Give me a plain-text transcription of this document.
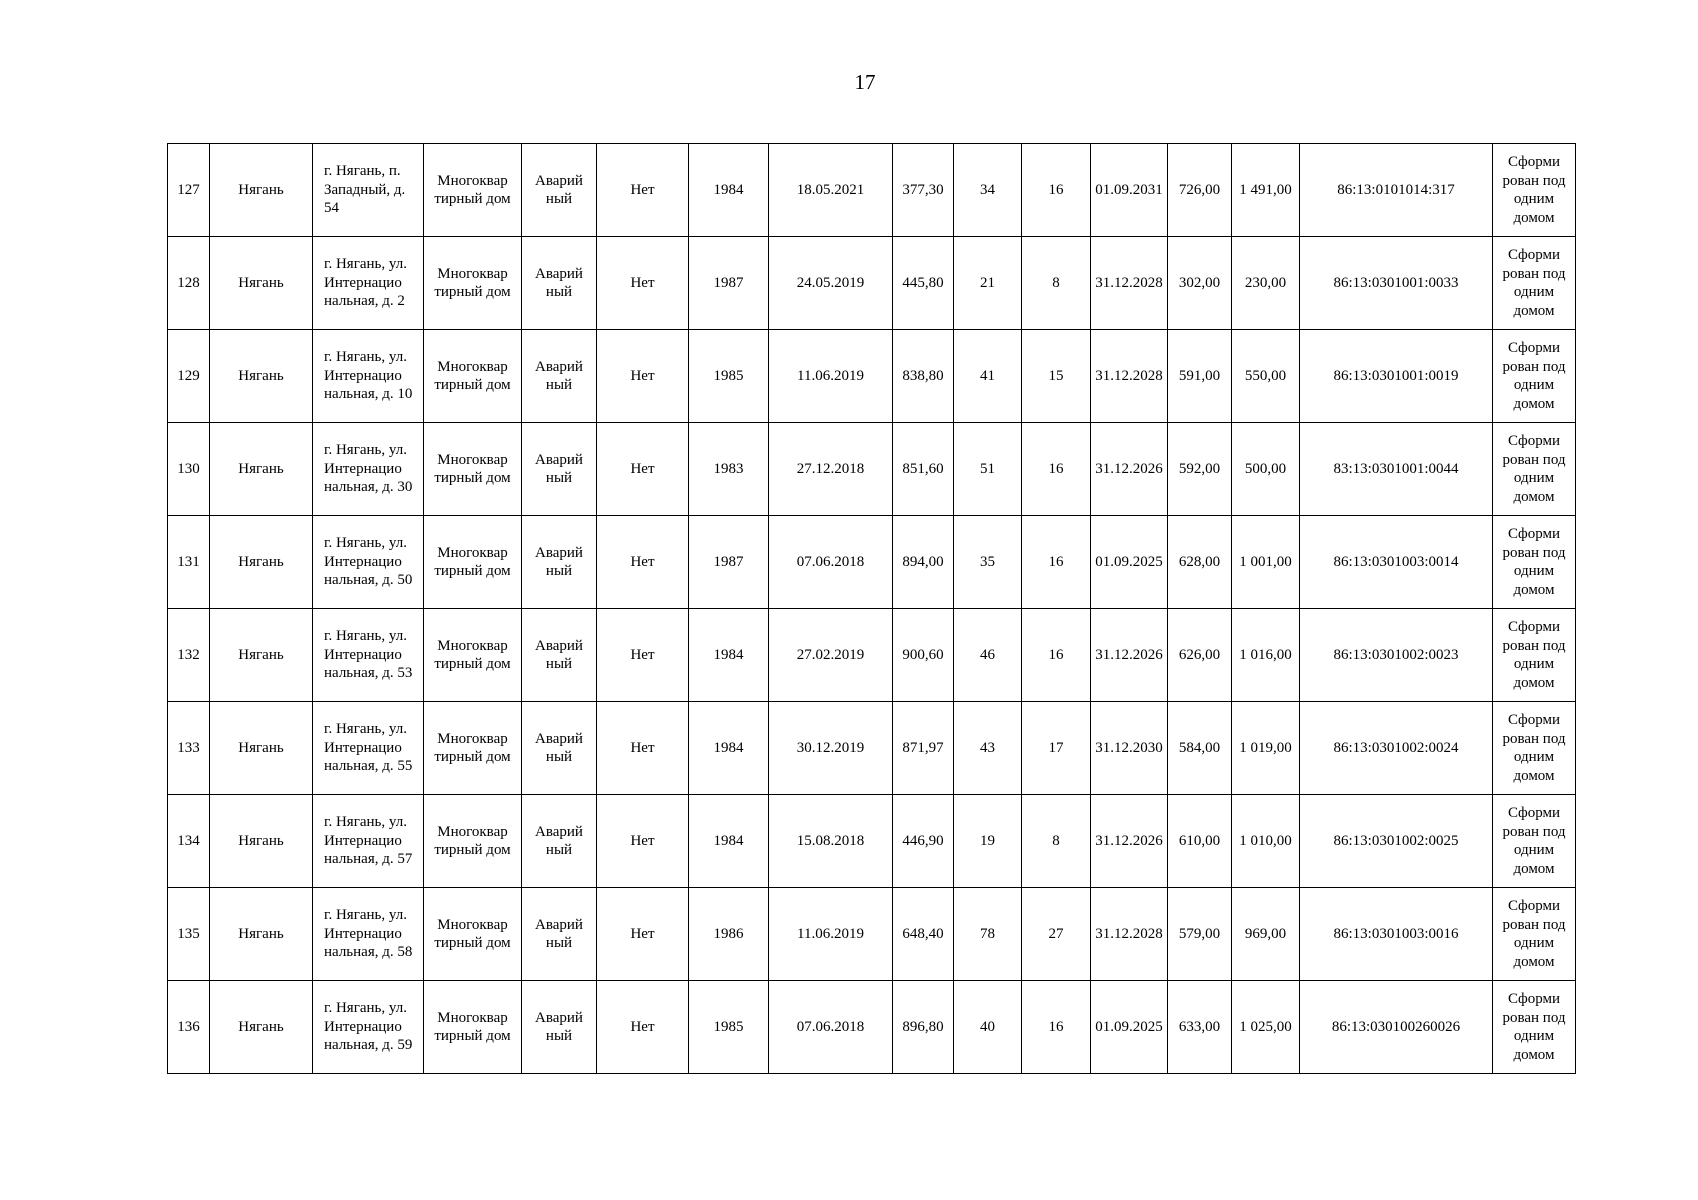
17
127	Нягань	г. Нягань, п. Западный, д. 54	Многоквар тирный дом	Аварий ный	Нет	1984	18.05.2021	377,30	34	16	01.09.2031	726,00	1 491,00	86:13:0101014:317	Сформи рован под одним домом
128	Нягань	г. Нягань, ул. Интернацио нальная, д. 2	Многоквар тирный дом	Аварий ный	Нет	1987	24.05.2019	445,80	21	8	31.12.2028	302,00	230,00	86:13:0301001:0033	Сформи рован под одним домом
129	Нягань	г. Нягань, ул. Интернацио нальная, д. 10	Многоквар тирный дом	Аварий ный	Нет	1985	11.06.2019	838,80	41	15	31.12.2028	591,00	550,00	86:13:0301001:0019	Сформи рован под одним домом
130	Нягань	г. Нягань, ул. Интернацио нальная, д. 30	Многоквар тирный дом	Аварий ный	Нет	1983	27.12.2018	851,60	51	16	31.12.2026	592,00	500,00	83:13:0301001:0044	Сформи рован под одним домом
131	Нягань	г. Нягань, ул. Интернацио нальная, д. 50	Многоквар тирный дом	Аварий ный	Нет	1987	07.06.2018	894,00	35	16	01.09.2025	628,00	1 001,00	86:13:0301003:0014	Сформи рован под одним домом
132	Нягань	г. Нягань, ул. Интернацио нальная, д. 53	Многоквар тирный дом	Аварий ный	Нет	1984	27.02.2019	900,60	46	16	31.12.2026	626,00	1 016,00	86:13:0301002:0023	Сформи рован под одним домом
133	Нягань	г. Нягань, ул. Интернацио нальная, д. 55	Многоквар тирный дом	Аварий ный	Нет	1984	30.12.2019	871,97	43	17	31.12.2030	584,00	1 019,00	86:13:0301002:0024	Сформи рован под одним домом
134	Нягань	г. Нягань, ул. Интернацио нальная, д. 57	Многоквар тирный дом	Аварий ный	Нет	1984	15.08.2018	446,90	19	8	31.12.2026	610,00	1 010,00	86:13:0301002:0025	Сформи рован под одним домом
135	Нягань	г. Нягань, ул. Интернацио нальная, д. 58	Многоквар тирный дом	Аварий ный	Нет	1986	11.06.2019	648,40	78	27	31.12.2028	579,00	969,00	86:13:0301003:0016	Сформи рован под одним домом
136	Нягань	г. Нягань, ул. Интернацио нальная, д. 59	Многоквар тирный дом	Аварий ный	Нет	1985	07.06.2018	896,80	40	16	01.09.2025	633,00	1 025,00	86:13:030100260026	Сформи рован под одним домом
